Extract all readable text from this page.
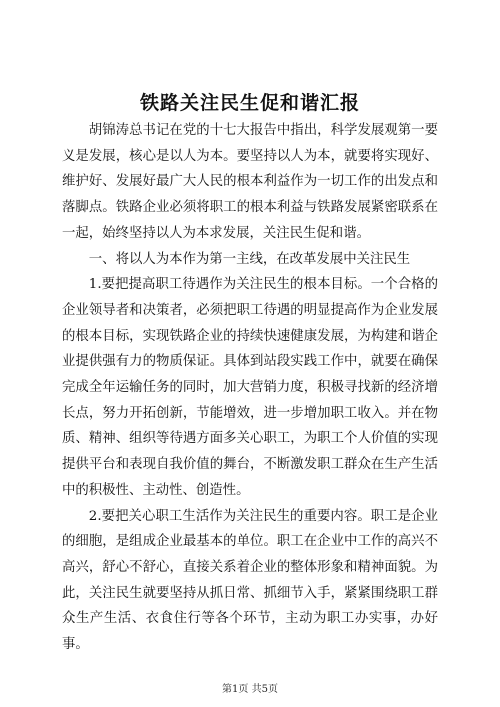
铁路关注民生促和谐汇报

胡锦涛总书记在党的十七大报告中指出，科学发展观第一要义是发展，核心是以人为本。要坚持以人为本，就要将实现好、维护好、发展好最广大人民的根本利益作为一切工作的出发点和落脚点。铁路企业必须将职工的根本利益与铁路发展紧密联系在一起，始终坚持以人为本求发展，关注民生促和谐。

一、将以人为本作为第一主线，在改革发展中关注民生

1.要把提高职工待遇作为关注民生的根本目标。一个合格的企业领导者和决策者，必须把职工待遇的明显提高作为企业发展的根本目标，实现铁路企业的持续快速健康发展，为构建和谐企业提供强有力的物质保证。具体到站段实践工作中，就要在确保完成全年运输任务的同时，加大营销力度，积极寻找新的经济增长点，努力开拓创新，节能增效，进一步增加职工收入。并在物质、精神、组织等待遇方面多关心职工，为职工个人价值的实现提供平台和表现自我价值的舞台，不断激发职工群众在生产生活中的积极性、主动性、创造性。

2.要把关心职工生活作为关注民生的重要内容。职工是企业的细胞，是组成企业最基本的单位。职工在企业中工作的高兴不高兴，舒心不舒心，直接关系着企业的整体形象和精神面貌。为此，关注民生就要坚持从抓日常、抓细节入手，紧紧围绕职工群众生产生活、衣食住行等各个环节，主动为职工办实事，办好事。

第1页 共5页
